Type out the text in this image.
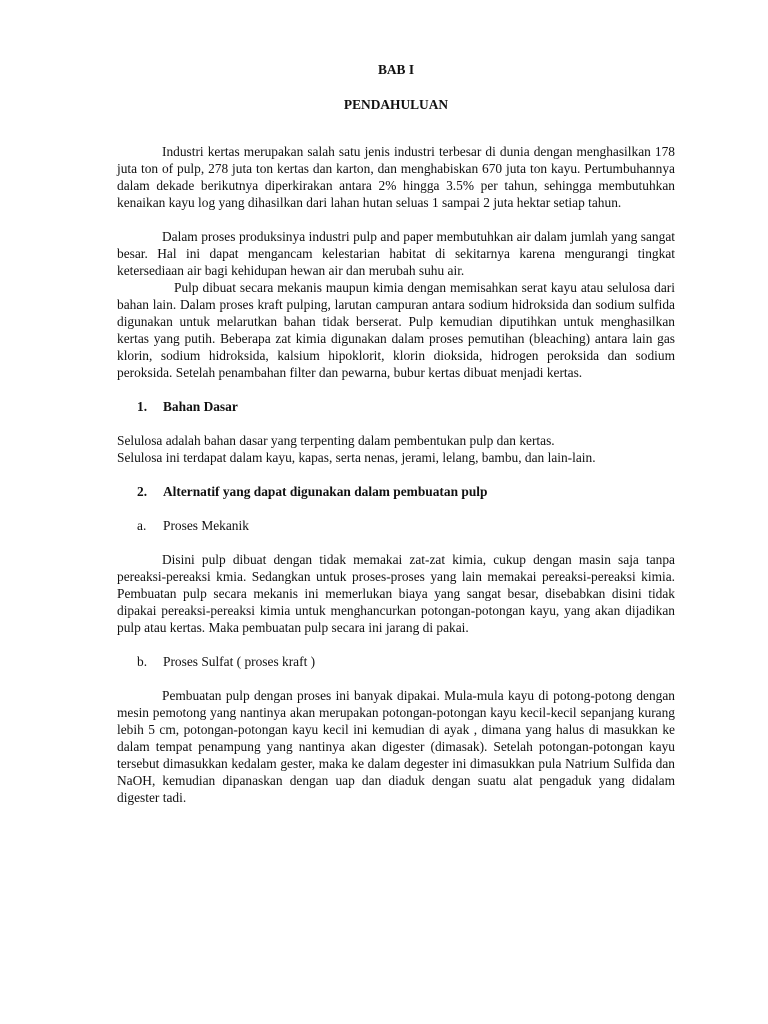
BAB I

PENDAHULUAN

Industri kertas merupakan salah satu jenis industri terbesar di dunia dengan menghasilkan 178 juta ton of pulp, 278 juta ton kertas dan karton, dan menghabiskan 670 juta ton kayu. Pertumbuhannya dalam dekade berikutnya diperkirakan antara 2% hingga 3.5% per tahun, sehingga membutuhkan kenaikan kayu log yang dihasilkan dari lahan hutan seluas 1 sampai 2 juta hektar setiap tahun.

Dalam proses produksinya industri pulp and paper membutuhkan air dalam jumlah yang sangat besar. Hal ini dapat mengancam kelestarian habitat di sekitarnya karena mengurangi tingkat ketersediaan air bagi kehidupan hewan air dan merubah suhu air.

Pulp dibuat secara mekanis maupun kimia dengan memisahkan serat kayu atau selulosa dari bahan lain. Dalam proses kraft pulping, larutan campuran antara sodium hidroksida dan sodium sulfida digunakan untuk melarutkan bahan tidak berserat. Pulp kemudian diputihkan untuk menghasilkan kertas yang putih. Beberapa zat kimia digunakan dalam proses pemutihan (bleaching) antara lain gas klorin, sodium hidroksida, kalsium hipoklorit, klorin dioksida, hidrogen peroksida dan sodium peroksida. Setelah penambahan filter dan pewarna, bubur kertas dibuat menjadi kertas.

1.	Bahan Dasar

Selulosa adalah bahan dasar yang terpenting dalam pembentukan pulp dan kertas.

Selulosa ini terdapat dalam kayu, kapas, serta nenas, jerami, lelang, bambu, dan lain-lain.

2.	Alternatif yang dapat digunakan dalam pembuatan pulp
a.	Proses Mekanik

Disini pulp dibuat dengan tidak memakai zat-zat kimia, cukup dengan masin saja tanpa pereaksi-pereaksi kmia. Sedangkan untuk proses-proses yang lain memakai pereaksi-pereaksi kimia. Pembuatan pulp secara mekanis ini memerlukan biaya yang sangat besar, disebabkan disini tidak dipakai pereaksi-pereaksi kimia untuk menghancurkan potongan-potongan kayu, yang akan dijadikan pulp atau kertas. Maka pembuatan pulp secara ini jarang di pakai.

b.	Proses Sulfat ( proses kraft )

Pembuatan pulp dengan proses ini banyak dipakai. Mula-mula kayu di potong-potong dengan mesin pemotong yang nantinya akan merupakan potongan-potongan kayu kecil-kecil sepanjang kurang lebih 5 cm, potongan-potongan kayu kecil ini kemudian di ayak , dimana yang halus di masukkan ke dalam tempat penampung yang nantinya akan digester (dimasak). Setelah potongan-potongan kayu tersebut dimasukkan kedalam gester, maka ke dalam degester ini dimasukkan pula Natrium Sulfida dan NaOH, kemudian dipanaskan dengan uap dan diaduk dengan suatu alat pengaduk yang didalam digester tadi.
